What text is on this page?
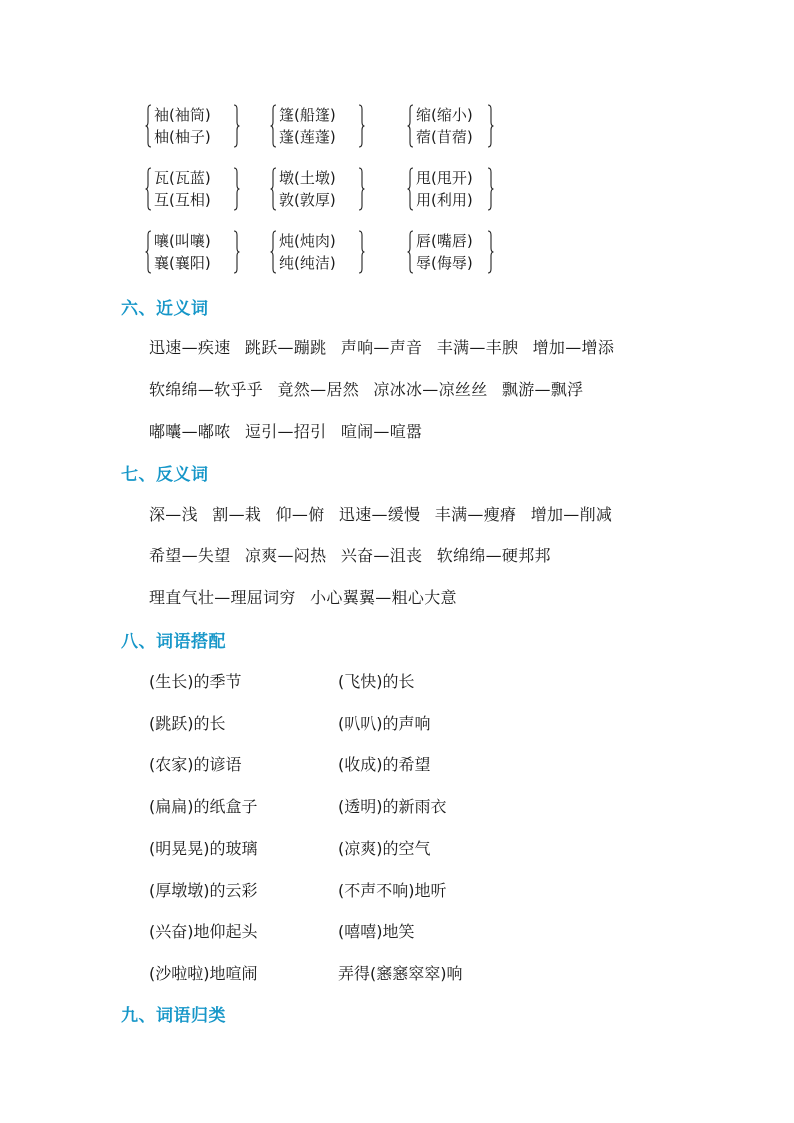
袖(袖筒)
柚(柚子)
篷(船篷)
蓬(莲蓬)
缩(缩小)
蓿(苜蓿)
瓦(瓦蓝)
互(互相)
墩(土墩)
敦(敦厚)
甩(甩开)
用(利用)
嚷(叫嚷)
襄(襄阳)
炖(炖肉)
纯(纯洁)
唇(嘴唇)
辱(侮辱)
六、近义词
迅速—疾速 跳跃—蹦跳 声响—声音 丰满—丰腴 增加—增添
软绵绵—软乎乎 竟然—居然 凉冰冰—凉丝丝 飘游—飘浮
嘟囔—嘟哝 逗引—招引 喧闹—喧嚣
七、反义词
深—浅 割—栽 仰—俯 迅速—缓慢 丰满—瘦瘠 增加—削减
希望—失望 凉爽—闷热 兴奋—沮丧 软绵绵—硬邦邦
理直气壮—理屈词穷 小心翼翼—粗心大意
八、词语搭配
(生长)的季节	(飞快)的长
(跳跃)的长	(叭叭)的声响
(农家)的谚语	(收成)的希望
(扁扁)的纸盒子	(透明)的新雨衣
(明晃晃)的玻璃	(凉爽)的空气
(厚墩墩)的云彩	(不声不响)地听
(兴奋)地仰起头	(嘻嘻)地笑
(沙啦啦)地喧闹	弄得(窸窸窣窣)响
九、词语归类
